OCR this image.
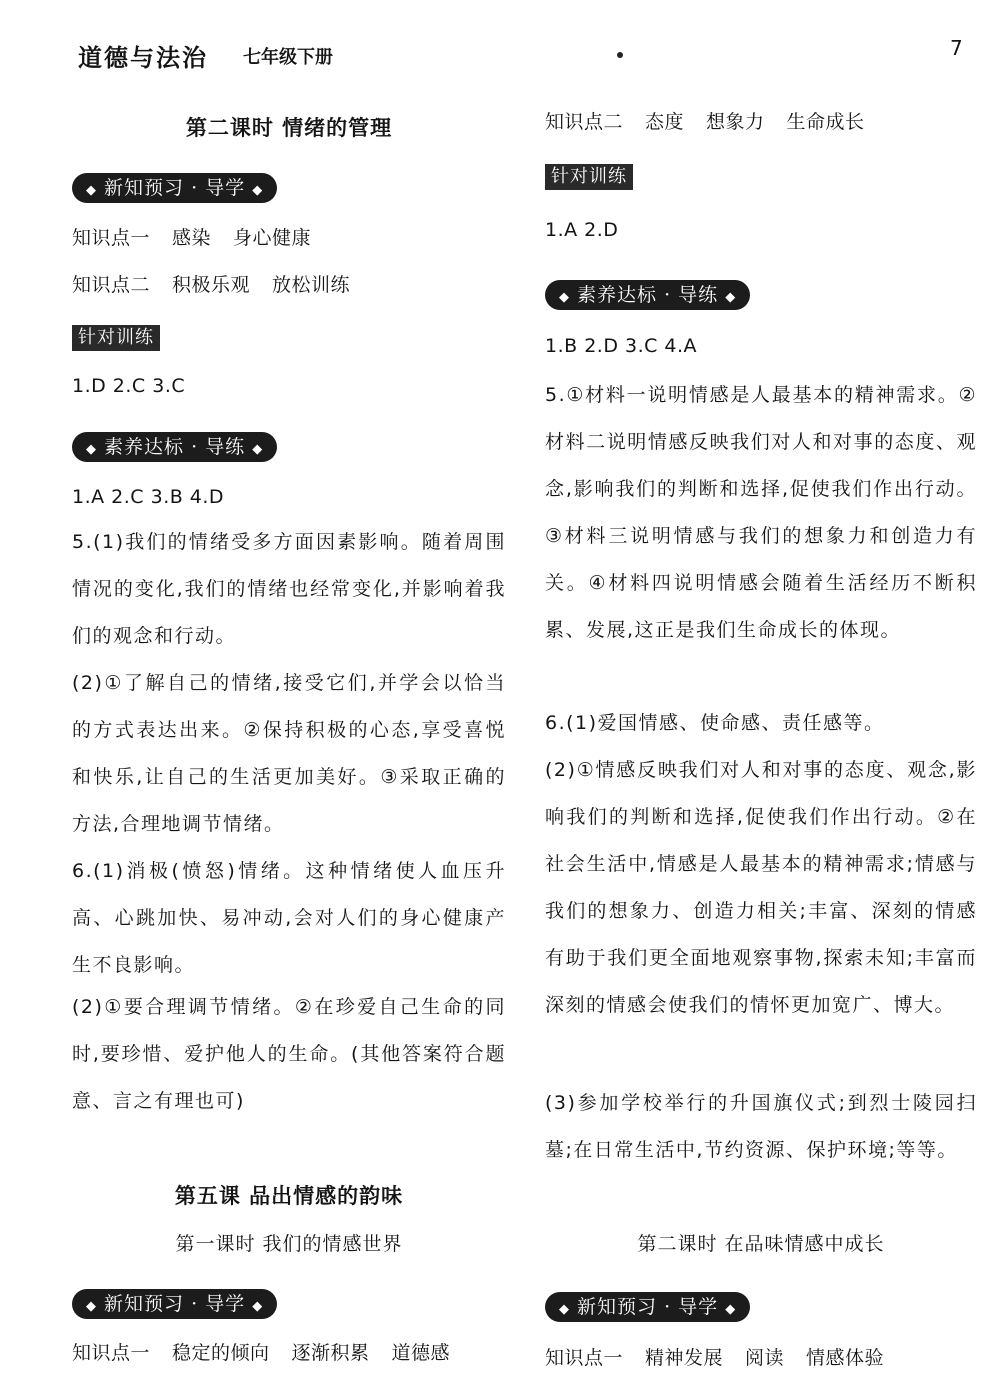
道德与法治 七年级下册	7
第二课时 情绪的管理
◆ 新知预习 · 导学 ◆
知识点一 感染 身心健康
知识点二 积极乐观 放松训练
针对训练
1.D 2.C 3.C
◆ 素养达标 · 导练 ◆
1.A 2.C 3.B 4.D
5.(1)我们的情绪受多方面因素影响。随着周围情况的变化,我们的情绪也经常变化,并影响着我们的观念和行动。
(2)①了解自己的情绪,接受它们,并学会以恰当的方式表达出来。②保持积极的心态,享受喜悦和快乐,让自己的生活更加美好。③采取正确的方法,合理地调节情绪。
6.(1)消极(愤怒)情绪。这种情绪使人血压升高、心跳加快、易冲动,会对人们的身心健康产生不良影响。
(2)①要合理调节情绪。②在珍爱自己生命的同时,要珍惜、爱护他人的生命。(其他答案符合题意、言之有理也可)
第五课 品出情感的韵味
第一课时 我们的情感世界
◆ 新知预习 · 导学 ◆
知识点一 稳定的倾向 逐渐积累 道德感
知识点二 态度 想象力 生命成长
针对训练
1.A 2.D
◆ 素养达标 · 导练 ◆
1.B 2.D 3.C 4.A
5.①材料一说明情感是人最基本的精神需求。②材料二说明情感反映我们对人和对事的态度、观念,影响我们的判断和选择,促使我们作出行动。③材料三说明情感与我们的想象力和创造力有关。④材料四说明情感会随着生活经历不断积累、发展,这正是我们生命成长的体现。
6.(1)爱国情感、使命感、责任感等。
(2)①情感反映我们对人和对事的态度、观念,影响我们的判断和选择,促使我们作出行动。②在社会生活中,情感是人最基本的精神需求;情感与我们的想象力、创造力相关;丰富、深刻的情感有助于我们更全面地观察事物,探索未知;丰富而深刻的情感会使我们的情怀更加宽广、博大。
(3)参加学校举行的升国旗仪式;到烈士陵园扫墓;在日常生活中,节约资源、保护环境;等等。
第二课时 在品味情感中成长
◆ 新知预习 · 导学 ◆
知识点一 精神发展 阅读 情感体验
